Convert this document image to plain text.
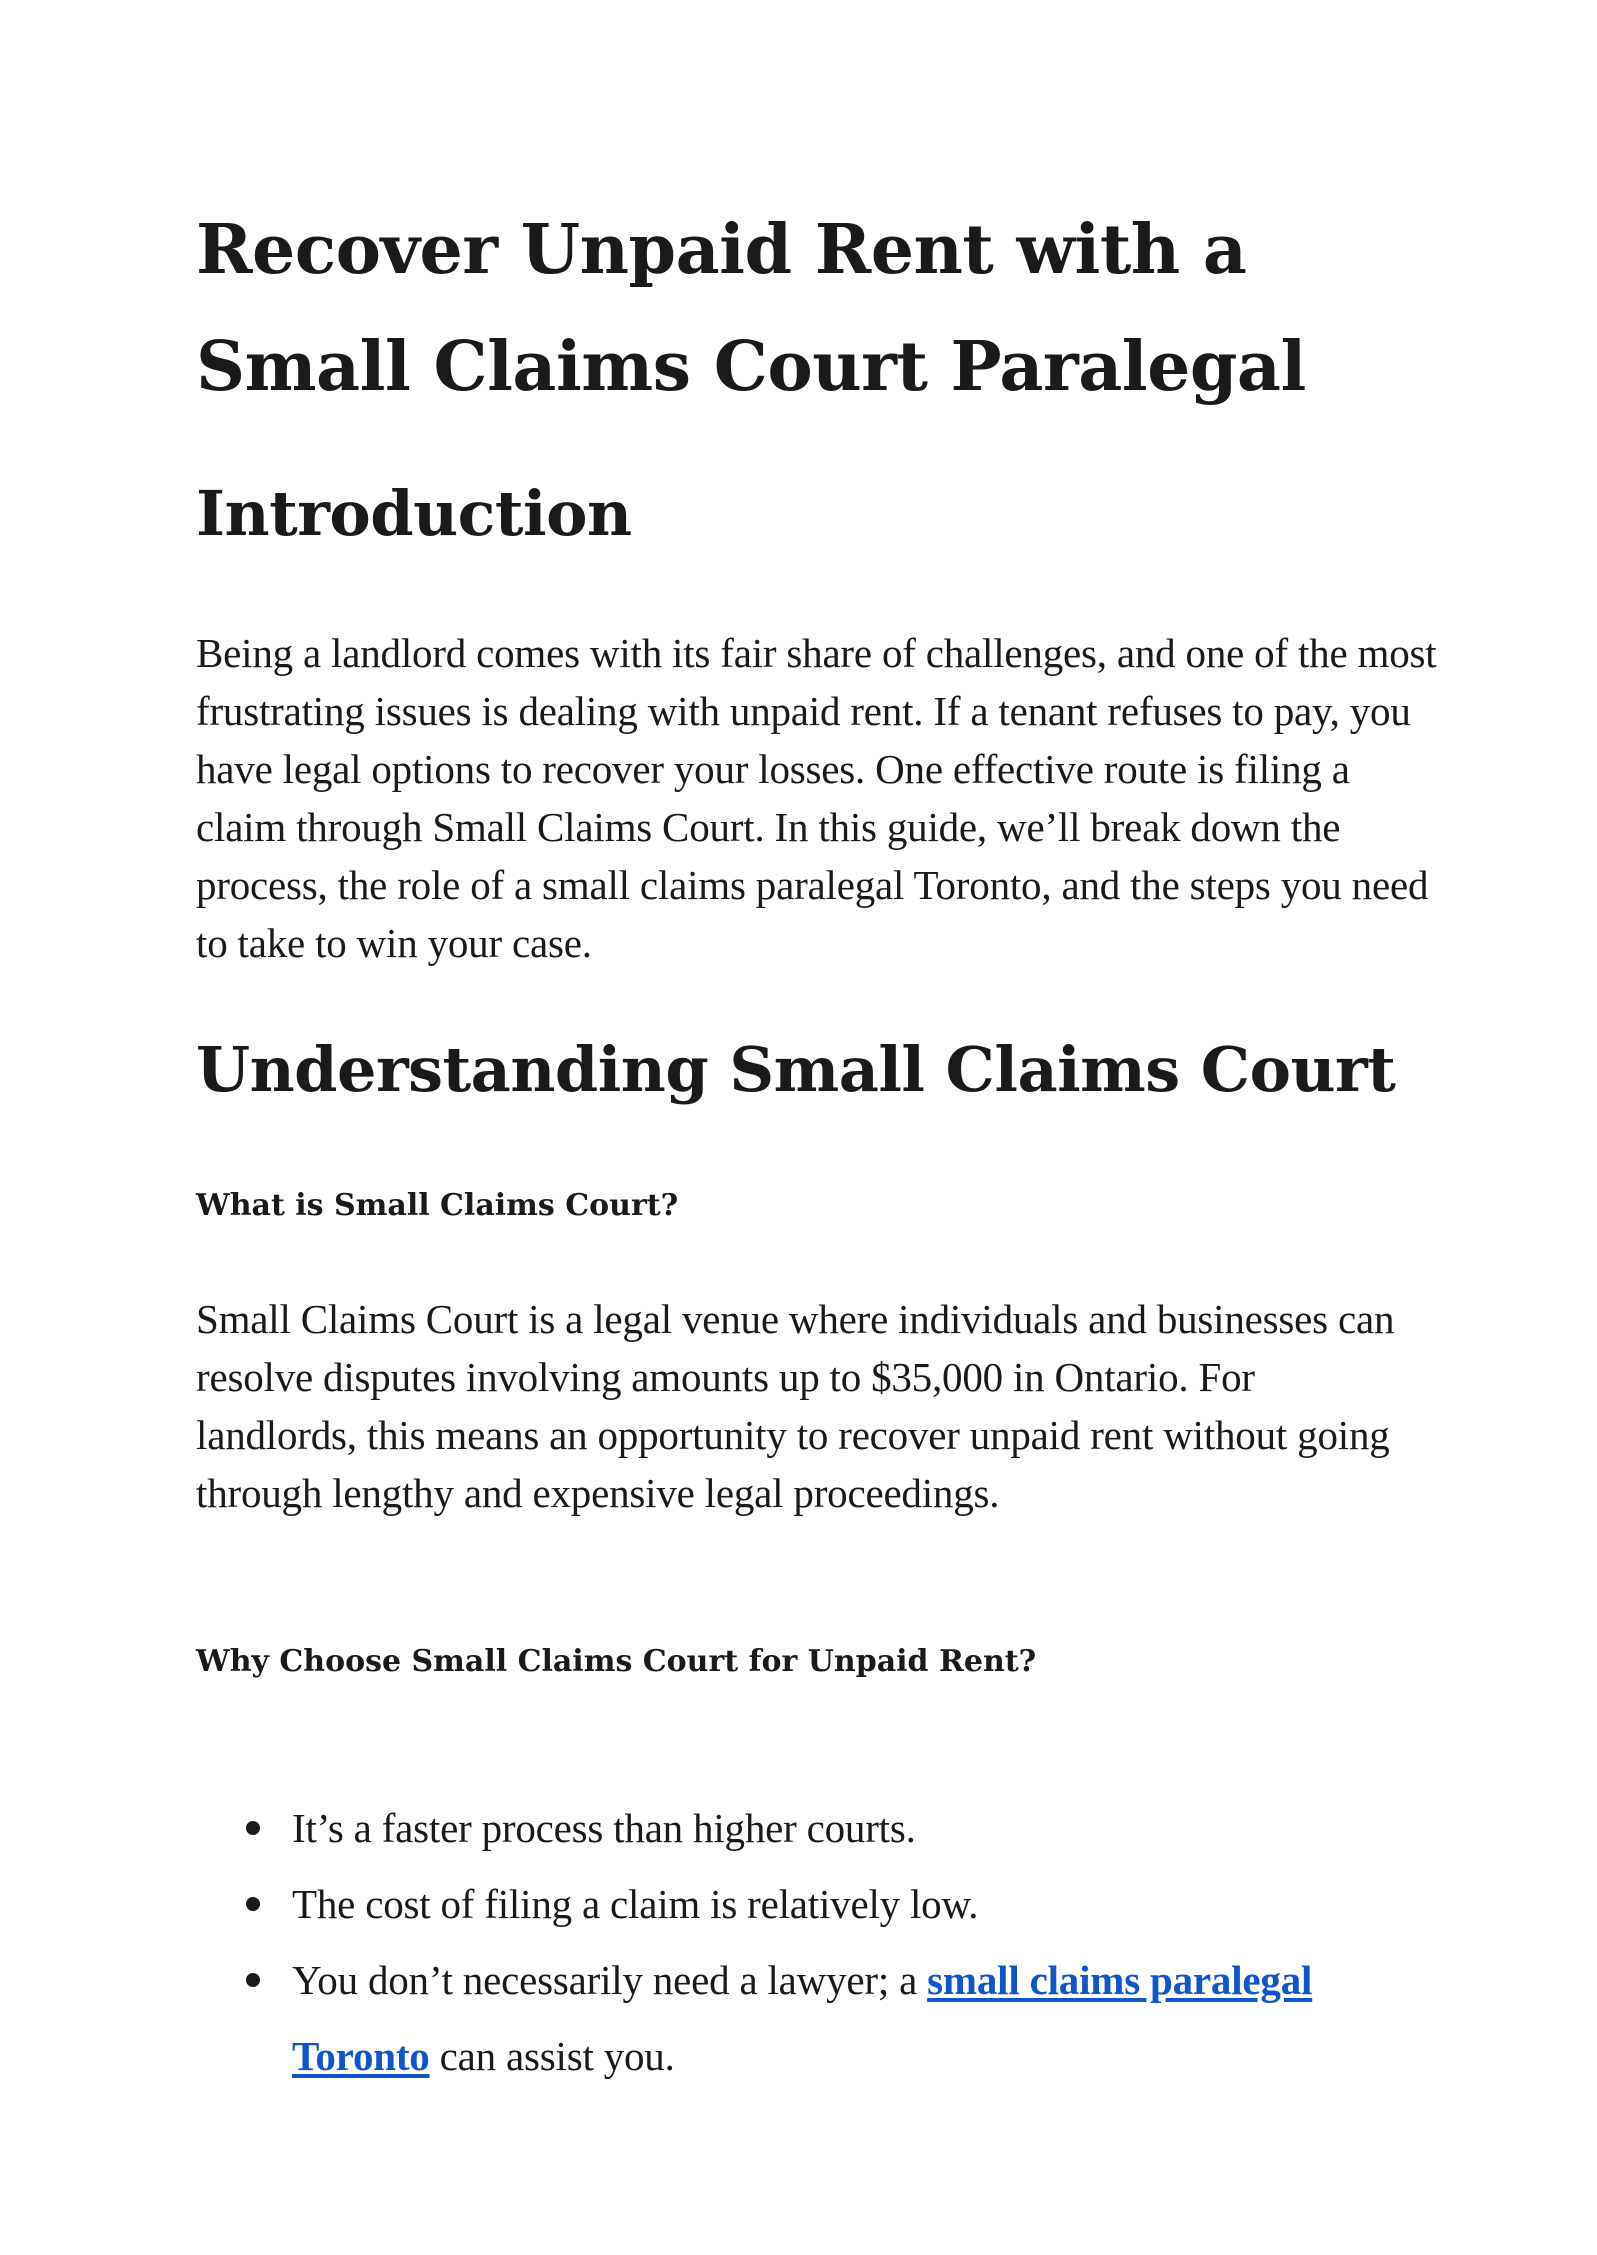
Recover Unpaid Rent with a Small Claims Court Paralegal
Introduction

Being a landlord comes with its fair share of challenges, and one of the most frustrating issues is dealing with unpaid rent. If a tenant refuses to pay, you have legal options to recover your losses. One effective route is filing a claim through Small Claims Court. In this guide, we’ll break down the process, the role of a small claims paralegal Toronto, and the steps you need to take to win your case.

Understanding Small Claims Court
What is Small Claims Court?

Small Claims Court is a legal venue where individuals and businesses can resolve disputes involving amounts up to $35,000 in Ontario. For landlords, this means an opportunity to recover unpaid rent without going through lengthy and expensive legal proceedings.

Why Choose Small Claims Court for Unpaid Rent?
It’s a faster process than higher courts.
The cost of filing a claim is relatively low.
You don’t necessarily need a lawyer; a small claims paralegal Toronto can assist you.
